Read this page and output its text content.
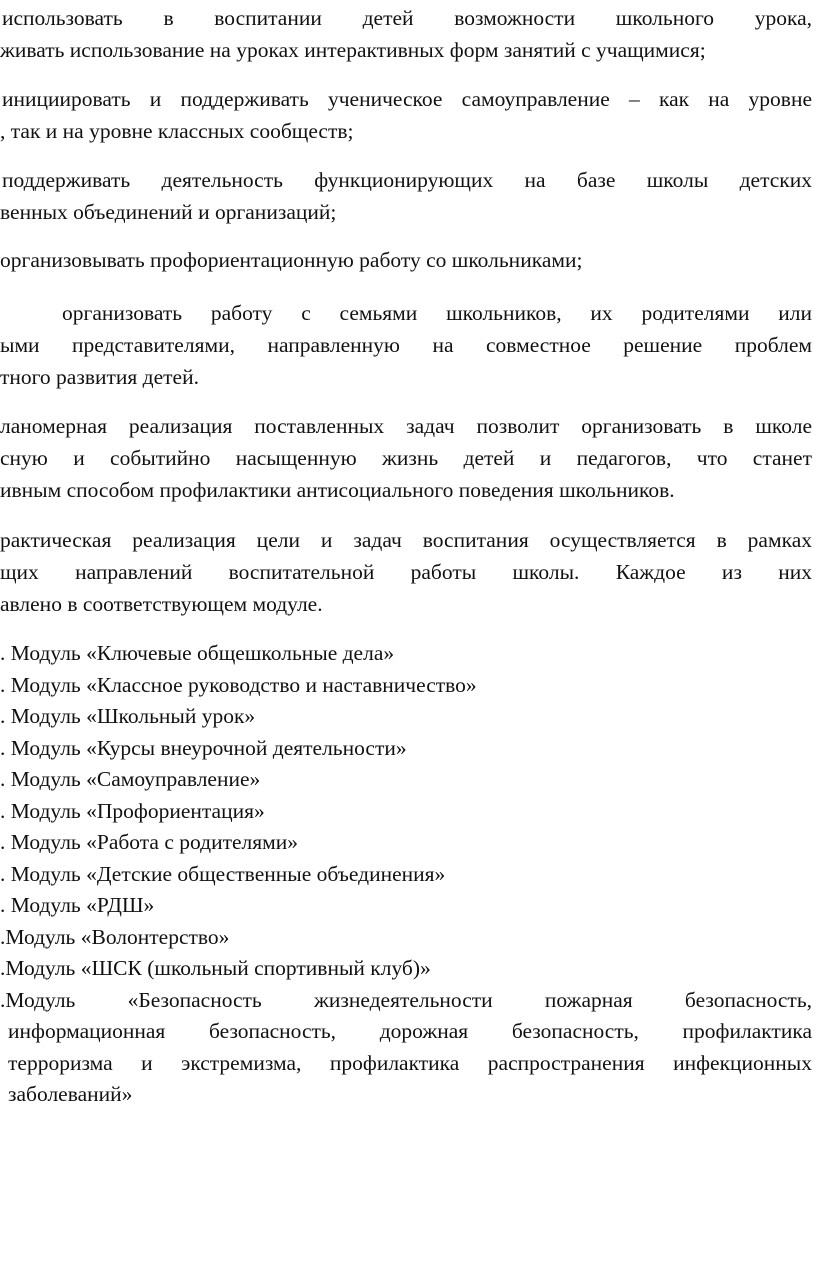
использовать в воспитании детей возможности школьного урока,
живать использование на уроках интерактивных форм занятий с учащимися;
инициировать и поддерживать ученическое самоуправление – как на уровне
, так и на уровне классных сообществ;
поддерживать деятельность функционирующих на базе школы детских
венных объединений и организаций;
организовывать профориентационную работу со школьниками;
организовать работу с семьями школьников, их родителями или
ыми представителями, направленную на совместное решение проблем
тного развития детей.
ланомерная реализация поставленных задач позволит организовать в школе
сную и событийно насыщенную жизнь детей и педагогов, что станет
ивным способом профилактики антисоциального поведения школьников.
рактическая реализация цели и задач воспитания осуществляется в рамках
щих направлений воспитательной работы школы. Каждое из них
авлено в соответствующем модуле.
. Модуль «Ключевые общешкольные дела»
. Модуль «Классное руководство и наставничество»
. Модуль «Школьный урок»
. Модуль «Курсы внеурочной деятельности»
. Модуль «Самоуправление»
. Модуль «Профориентация»
. Модуль «Работа с родителями»
. Модуль «Детские общественные объединения»
. Модуль «РДШ»
.Модуль «Волонтерство»
.Модуль «ШСК (школьный спортивный клуб)»
.Модуль «Безопасность жизнедеятельности пожарная безопасность,
информационная безопасность, дорожная безопасность, профилактика
терроризма и экстремизма, профилактика распространения инфекционных
заболеваний»
